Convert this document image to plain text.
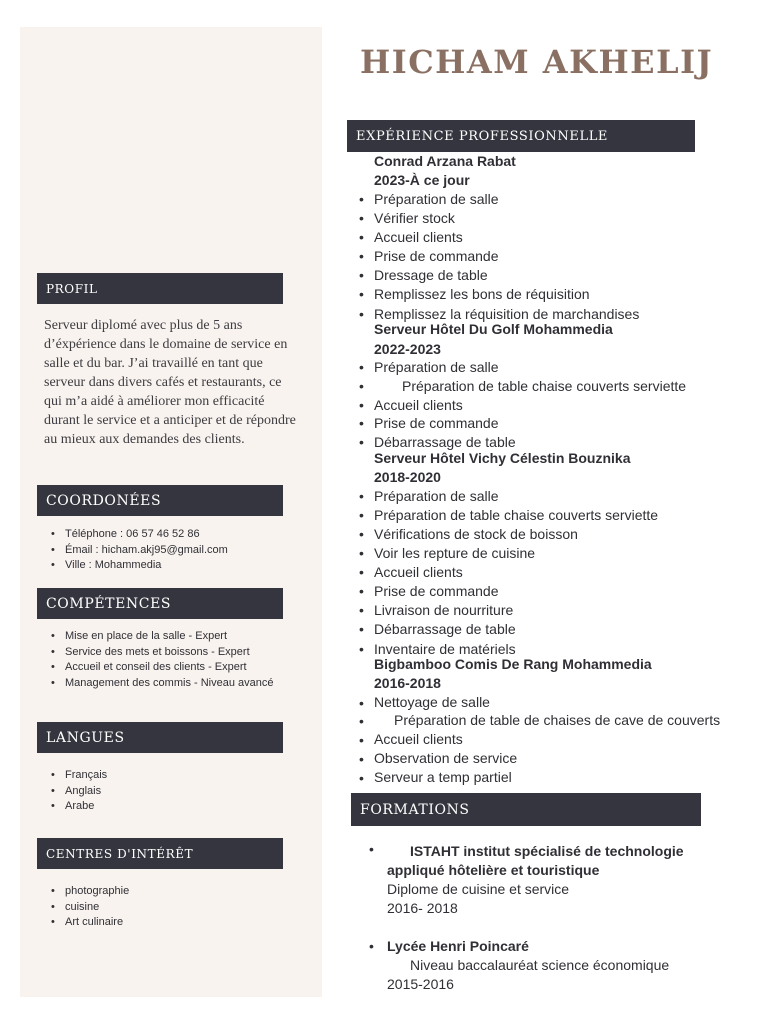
HICHAM AKHELIJ
PROFIL
Serveur diplomé avec plus de 5 ans d’éxpérience dans le domaine de service en salle et du bar. J’ai travaillé en tant que serveur dans divers cafés et restaurants, ce qui m’a aidé à améliorer mon efficacité durant le service et a anticiper et de répondre au mieux aux demandes des clients.
COORDONÉES
• Téléphone : 06 57 46 52 86
• Émail : hicham.akj95@gmail.com
• Ville : Mohammedia
COMPÉTENCES
• Mise en place de la salle - Expert
• Service des mets et boissons - Expert
• Accueil et conseil des clients - Expert
• Management des commis - Niveau avancé
LANGUES
• Français
• Anglais
• Arabe
CENTRES D'INTÉRÊT
• photographie
• cuisine
• Art culinaire
EXPÉRIENCE PROFESSIONNELLE
Conrad Arzana Rabat
2023-À ce jour
• Préparation de salle
• Vérifier stock
• Accueil clients
• Prise de commande
• Dressage de table
• Remplissez les bons de réquisition
• Remplissez la réquisition de marchandises
Serveur Hôtel Du Golf Mohammedia
2022-2023
• Préparation de salle
•	Préparation de table chaise couverts serviette
• Accueil clients
• Prise de commande
• Débarrassage de table
Serveur Hôtel Vichy Célestin Bouznika
2018-2020
• Préparation de salle
• Préparation de table chaise couverts serviette
• Vérifications de stock de boisson
• Voir les repture de cuisine
• Accueil clients
• Prise de commande
• Livraison de nourriture
• Débarrassage de table
• Inventaire de matériels
Bigbamboo Comis De Rang Mohammedia
2016-2018
• Nettoyage de salle
• Préparation de table de chaises de cave de couverts
• Accueil clients
• Observation de service
• Serveur a temp partiel
FORMATIONS
•	ISTAHT institut spécialisé de technologie
appliqué hôtelière et touristique
Diplome de cuisine et service
2016- 2018
• Lycée Henri Poincaré
Niveau baccalauréat science économique
2015-2016
